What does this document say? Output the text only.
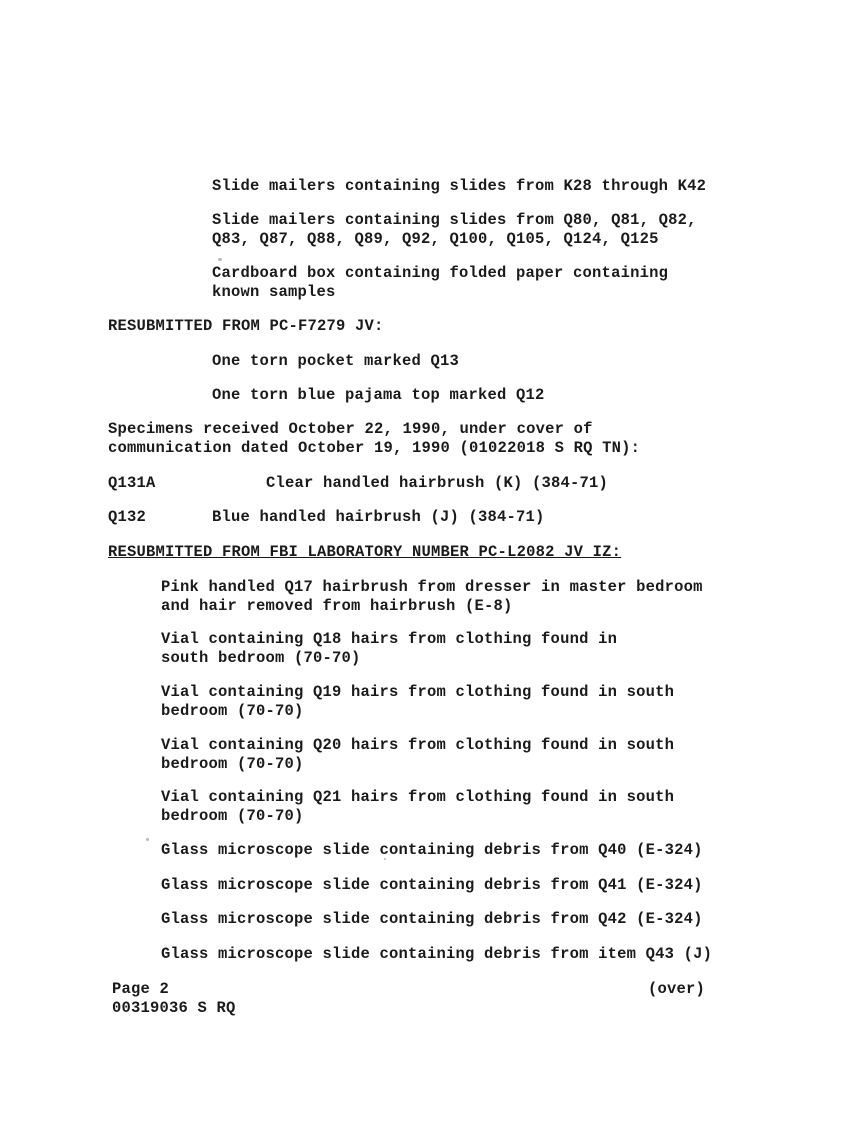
Slide mailers containing slides from K28 through K42
Slide mailers containing slides from Q80, Q81, Q82,
Q83, Q87, Q88, Q89, Q92, Q100, Q105, Q124, Q125
Cardboard box containing folded paper containing
known samples
RESUBMITTED FROM PC-F7279 JV:
One torn pocket marked Q13
One torn blue pajama top marked Q12
Specimens received October 22, 1990, under cover of
communication dated October 19, 1990 (01022018 S RQ TN):
Q131A	Clear handled hairbrush (K) (384-71)
Q132	Blue handled hairbrush (J) (384-71)
RESUBMITTED FROM FBI LABORATORY NUMBER PC-L2082 JV IZ:
Pink handled Q17 hairbrush from dresser in master bedroom
and hair removed from hairbrush (E-8)
Vial containing Q18 hairs from clothing found in
south bedroom (70-70)
Vial containing Q19 hairs from clothing found in south
bedroom (70-70)
Vial containing Q20 hairs from clothing found in south
bedroom (70-70)
Vial containing Q21 hairs from clothing found in south
bedroom (70-70)
Glass microscope slide containing debris from Q40 (E-324)
Glass microscope slide containing debris from Q41 (E-324)
Glass microscope slide containing debris from Q42 (E-324)
Glass microscope slide containing debris from item Q43 (J)
Page 2
00319036 S RQ
(over)
